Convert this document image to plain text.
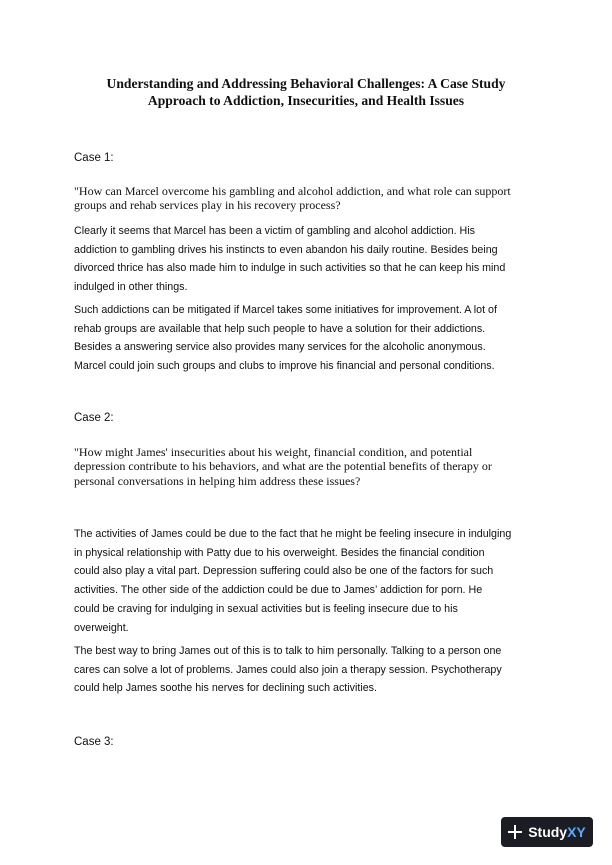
Understanding and Addressing Behavioral Challenges: A Case Study
Approach to Addiction, Insecurities, and Health Issues
Case 1:
"How can Marcel overcome his gambling and alcohol addiction, and what role can support
groups and rehab services play in his recovery process?
Clearly it seems that Marcel has been a victim of gambling and alcohol addiction. His
addiction to gambling drives his instincts to even abandon his daily routine. Besides being
divorced thrice has also made him to indulge in such activities so that he can keep his mind
indulged in other things.
Such addictions can be mitigated if Marcel takes some initiatives for improvement. A lot of
rehab groups are available that help such people to have a solution for their addictions.
Besides a answering service also provides many services for the alcoholic anonymous.
Marcel could join such groups and clubs to improve his financial and personal conditions.
Case 2:
"How might James' insecurities about his weight, financial condition, and potential
depression contribute to his behaviors, and what are the potential benefits of therapy or
personal conversations in helping him address these issues?
The activities of James could be due to the fact that he might be feeling insecure in indulging
in physical relationship with Patty due to his overweight. Besides the financial condition
could also play a vital part. Depression suffering could also be one of the factors for such
activities. The other side of the addiction could be due to James’ addiction for porn. He
could be craving for indulging in sexual activities but is feeling insecure due to his
overweight.
The best way to bring James out of this is to talk to him personally. Talking to a person one
cares can solve a lot of problems. James could also join a therapy session. Psychotherapy
could help James soothe his nerves for declining such activities.
Case 3:
StudyXY
